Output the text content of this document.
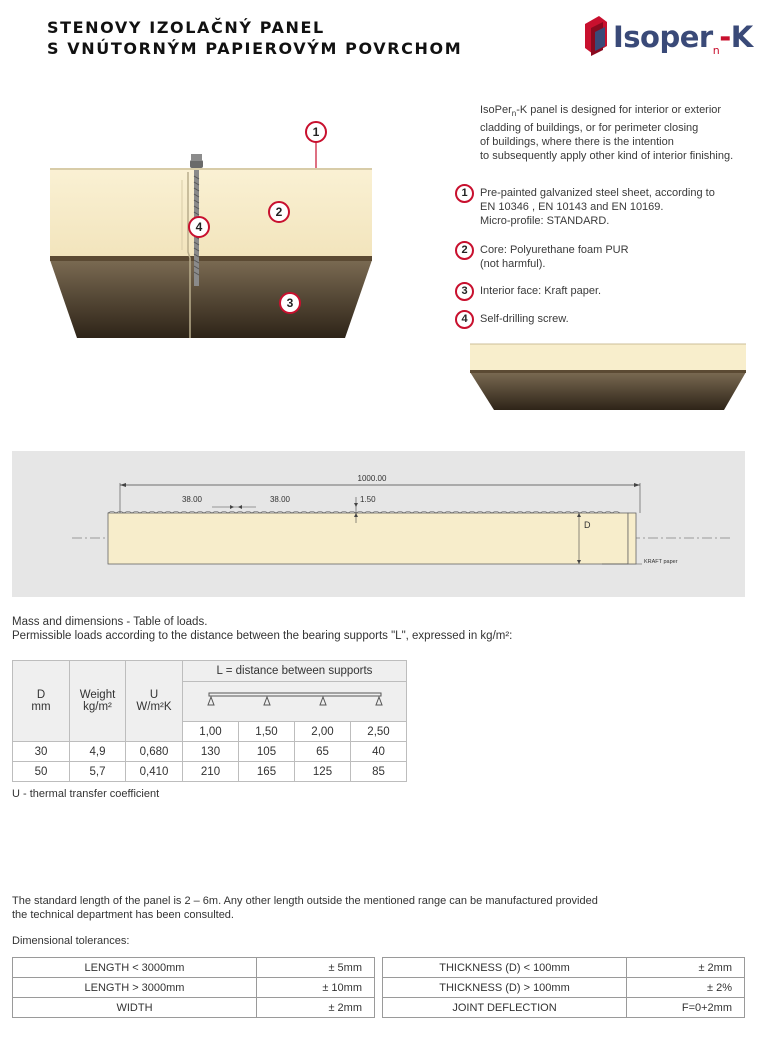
STENOVY IZOLAČNÝ PANEL
S VNÚTORNÝM PAPIEROVÝM POVRCHOM	Isoper$_n$-K
1
2
3
4
IsoPer$_n$-K panel is designed for interior or exterior
cladding of buildings, or for perimeter closing
of buildings, where there is the intention
to subsequently apply other kind of interior finishing.
1	Pre-painted galvanized steel sheet, according to
EN 10346 , EN 10143 and EN 10169.
Micro-profile: STANDARD.
2	Core: Polyurethane foam PUR
(not harmful).
3	Interior face: Kraft paper.
4	Self-drilling screw.
1000.00
38.00	38.00	1.50
D
KRAFT paper
Mass and dimensions - Table of loads.
Permissible loads according to the distance between the bearing supports "L", expressed in kg/m²:
D
mm	Weight
kg/m²	U
W/m²K	L = distance between supports			

			1,00	1,50	2,00	2,50
30	4,9	0,680	130	105	65	40
50	5,7	0,410	210	165	125	85
U - thermal transfer coefficient
The standard length of the panel is 2 – 6m. Any other length outside the mentioned range can be manufactured provided
the technical department has been consulted.
Dimensional tolerances:
LENGTH < 3000mm	± 5mm
LENGTH > 3000mm	± 10mm
WIDTH	± 2mm
THICKNESS (D) < 100mm	± 2mm
THICKNESS (D) > 100mm	± 2%
JOINT DEFLECTION	F=0+2mm
